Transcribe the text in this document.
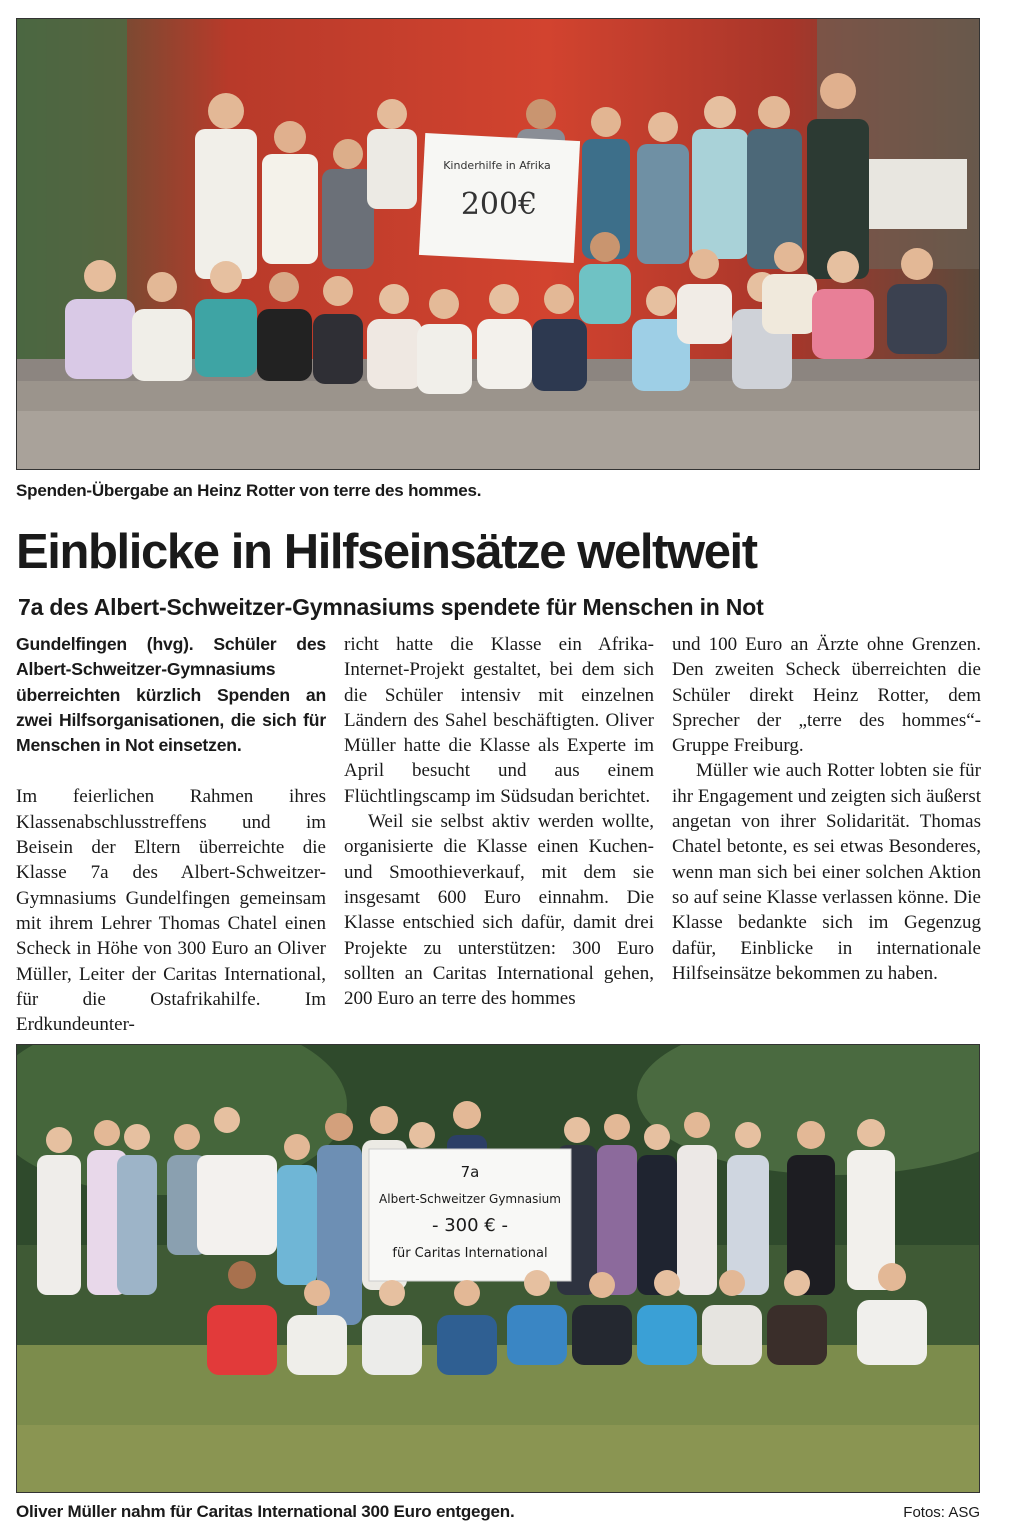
Kinderhilfe in Afrika
200€
Spenden-Übergabe an Heinz Rotter von terre des hommes.
Einblicke in Hilfseinsätze weltweit
7a des Albert-Schweitzer-Gymnasiums spendete für Menschen in Not

Gundelfingen (hvg). Schüler des Albert-Schweitzer-Gymnasiums überreichten kürzlich Spenden an zwei Hilfsorganisationen, die sich für Menschen in Not einsetzen.

Im feierlichen Rahmen ihres Klassenabschlusstreffens und im Beisein der Eltern überreichte die Klasse 7a des Albert-Schweitzer-Gymnasiums Gundelfingen gemeinsam mit ihrem Lehrer Thomas Chatel einen Scheck in Höhe von 300 Euro an Oliver Müller, Leiter der Caritas International, für die Ostafrikahilfe. Im Erdkundeunter-

richt hatte die Klasse ein Afrika-Internet-Projekt gestaltet, bei dem sich die Schüler intensiv mit einzelnen Ländern des Sahel beschäftigten. Oliver Müller hatte die Klasse als Experte im April besucht und aus einem Flüchtlingscamp im Südsudan berichtet.

Weil sie selbst aktiv werden wollte, organisierte die Klasse einen Kuchen- und Smoothieverkauf, mit dem sie insgesamt 600 Euro einnahm. Die Klasse entschied sich dafür, damit drei Projekte zu unterstützen: 300 Euro sollten an Caritas International gehen, 200 Euro an terre des hommes

und 100 Euro an Ärzte ohne Grenzen. Den zweiten Scheck überreichten die Schüler direkt Heinz Rotter, dem Sprecher der „terre des hommes“-Gruppe Freiburg.

Müller wie auch Rotter lobten sie für ihr Engagement und zeigten sich äußerst angetan von ihrer Solidarität. Thomas Chatel betonte, es sei etwas Besonderes, wenn man sich bei einer solchen Aktion so auf seine Klasse verlassen könne. Die Klasse bedankte sich im Gegenzug dafür, Einblicke in internationale Hilfseinsätze bekommen zu haben.

7a
Albert-Schweitzer Gymnasium
- 300 € -
für Caritas International
Oliver Müller nahm für Caritas International 300 Euro entgegen.	Fotos: ASG
